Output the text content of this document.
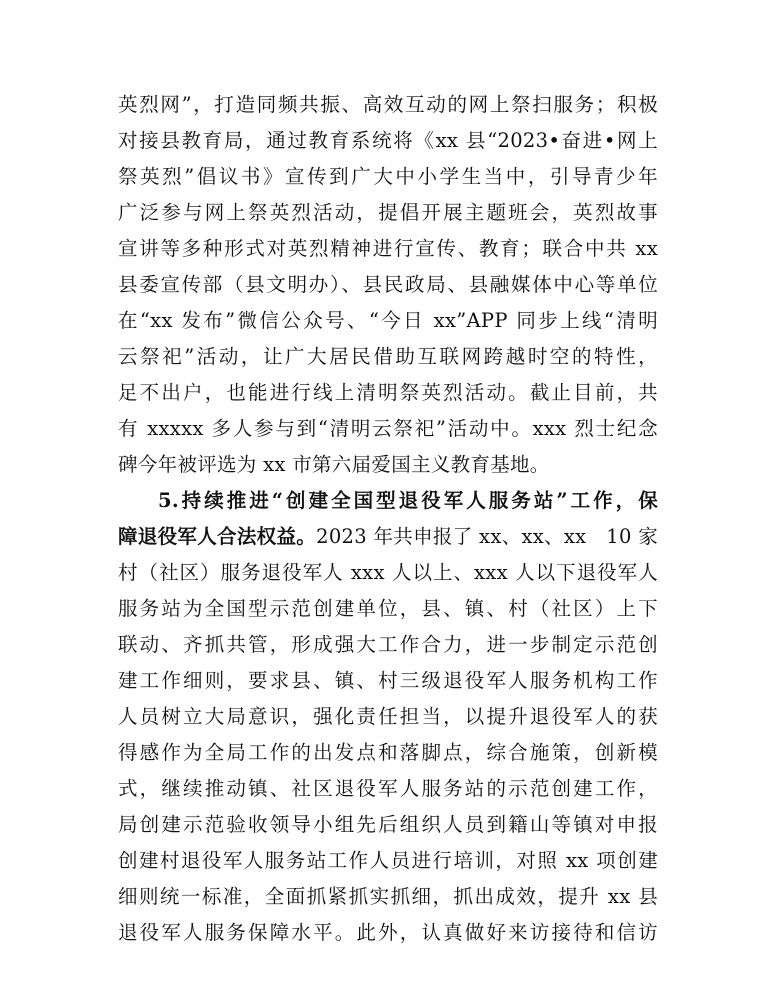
英烈网”，打造同频共振、高效互动的网上祭扫服务；积极
对接县教育局，通过教育系统将《xx 县“2023•奋进•网上
祭英烈”倡议书》宣传到广大中小学生当中，引导青少年
广泛参与网上祭英烈活动，提倡开展主题班会，英烈故事
宣讲等多种形式对英烈精神进行宣传、教育；联合中共 xx
县委宣传部（县文明办）、县民政局、县融媒体中心等单位
在“xx 发布”微信公众号、“今日 xx”APP 同步上线“清明
云祭祀”活动，让广大居民借助互联网跨越时空的特性，
足不出户，也能进行线上清明祭英烈活动。截止目前，共
有 xxxxx 多人参与到“清明云祭祀”活动中。xxx 烈士纪念
碑今年被评选为 xx 市第六届爱国主义教育基地。
5.持续推进“创建全国型退役军人服务站”工作，保
障退役军人合法权益。2023 年共申报了 xx、xx、xx　10 家
村（社区）服务退役军人 xxx 人以上、xxx 人以下退役军人
服务站为全国型示范创建单位，县、镇、村（社区）上下
联动、齐抓共管，形成强大工作合力，进一步制定示范创
建工作细则，要求县、镇、村三级退役军人服务机构工作
人员树立大局意识，强化责任担当，以提升退役军人的获
得感作为全局工作的出发点和落脚点，综合施策，创新模
式，继续推动镇、社区退役军人服务站的示范创建工作，
局创建示范验收领导小组先后组织人员到籍山等镇对申报
创建村退役军人服务站工作人员进行培训，对照 xx 项创建
细则统一标准，全面抓紧抓实抓细，抓出成效，提升 xx 县
退役军人服务保障水平。此外，认真做好来访接待和信访
